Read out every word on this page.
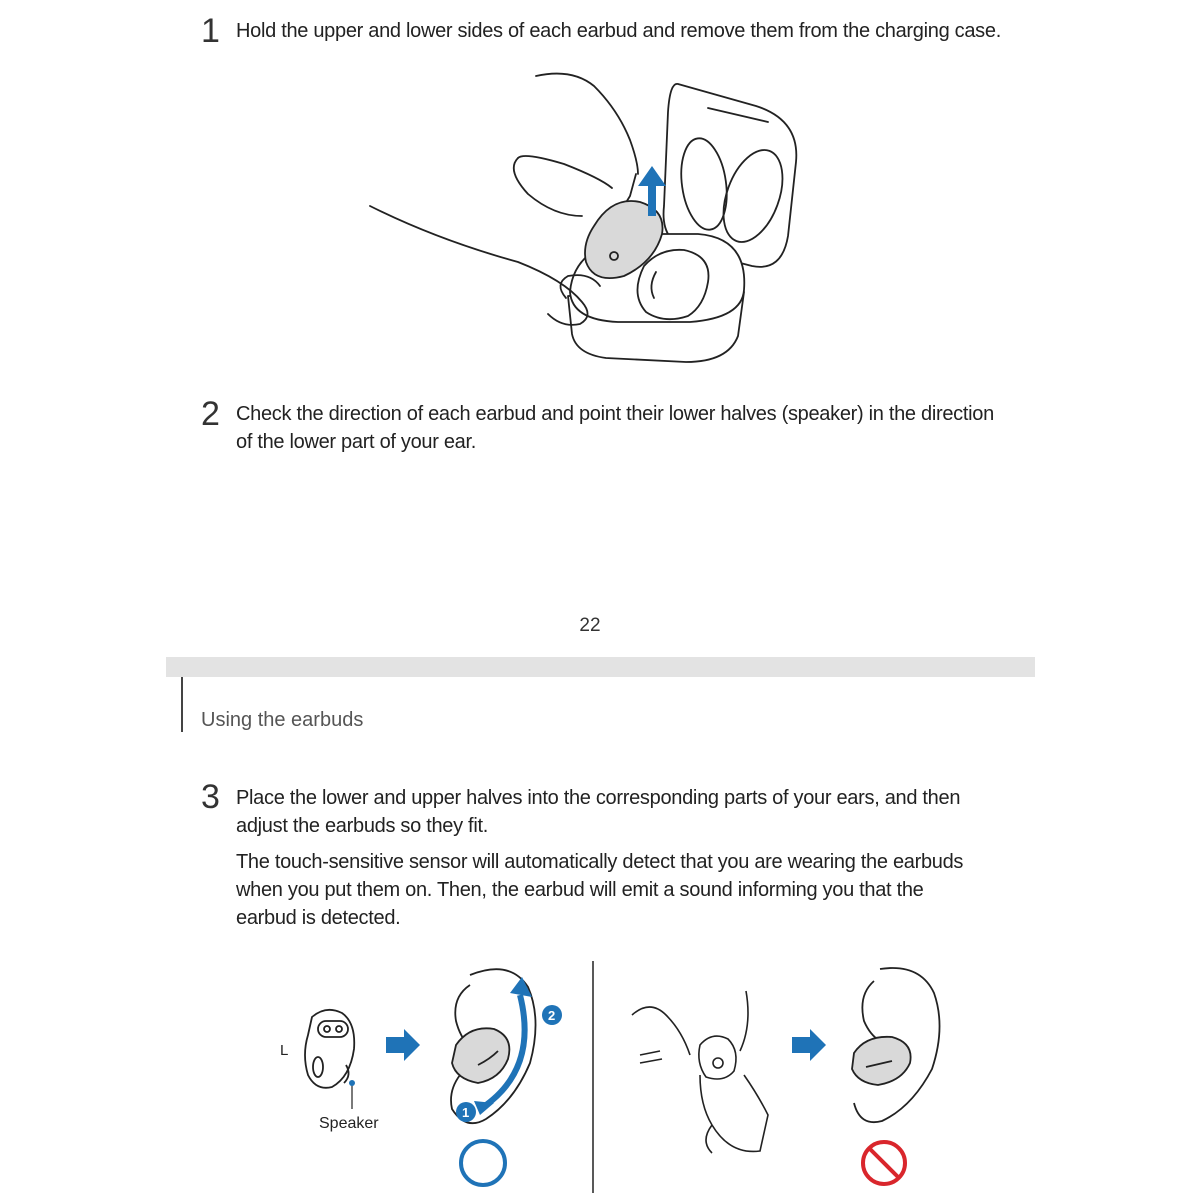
1 Hold the upper and lower sides of each earbud and remove them from the charging case.
2 Check the direction of each earbud and point their lower halves (speaker) in the direction
of the lower part of your ear.
22
Using the earbuds
3 Place the lower and upper halves into the corresponding parts of your ears, and then
adjust the earbuds so they fit.
The touch-sensitive sensor will automatically detect that you are wearing the earbuds
when you put them on. Then, the earbud will emit a sound informing you that the
earbud is detected.
L
Speaker
2
1
